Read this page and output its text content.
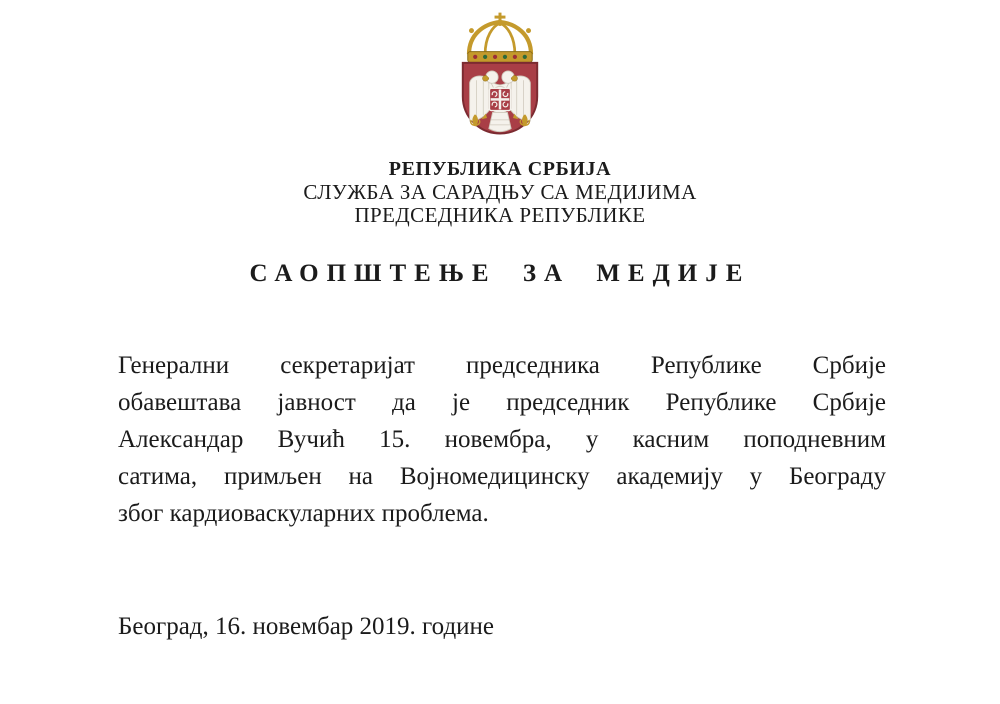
РЕПУБЛИКА СРБИЈА
СЛУЖБА ЗА САРАДЊУ СА МЕДИЈИМА
ПРЕДСЕДНИКА РЕПУБЛИКЕ
САОПШТЕЊЕ ЗА МЕДИЈЕ
Генерални секретаријат председника Републике Србије
обавештава јавност да је председник Републике Србије
Александар Вучић 15. новембра, у касним поподневним
сатима, примљен на Војномедицинску академију у Београду
због кардиоваскуларних проблема.
Београд, 16. новембар 2019. године
